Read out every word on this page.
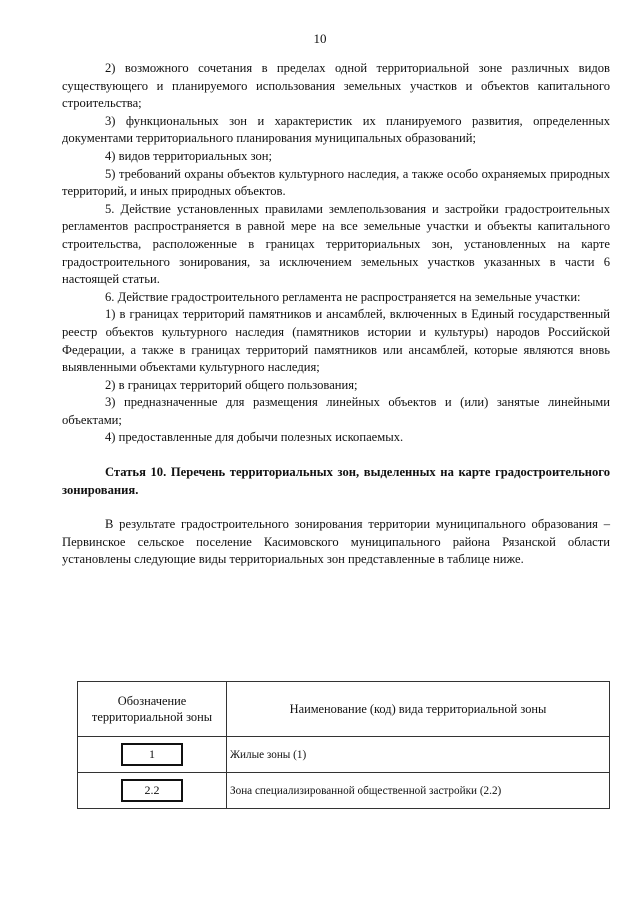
10

2) возможного сочетания в пределах одной территориальной зоне различных видов существующего и планируемого использования земельных участков и объектов капитального строительства;

3) функциональных зон и характеристик их планируемого развития, определенных документами территориального планирования муниципальных образований;

4) видов территориальных зон;

5) требований охраны объектов культурного наследия, а также особо охраняемых природных территорий, и иных природных объектов.

5. Действие установленных правилами землепользования и застройки градостроительных регламентов распространяется в равной мере на все земельные участки и объекты капитального строительства, расположенные в границах территориальных зон, установленных на карте градостроительного зонирования, за исключением земельных участков указанных в части 6 настоящей статьи.

6. Действие градостроительного регламента не распространяется на земельные участки:

1) в границах территорий памятников и ансамблей, включенных в Единый государственный реестр объектов культурного наследия (памятников истории и культуры) народов Российской Федерации, а также в границах территорий памятников или ансамблей, которые являются вновь выявленными объектами культурного наследия;

2) в границах территорий общего пользования;

3) предназначенные для размещения линейных объектов и (или) занятые линейными объектами;

4) предоставленные для добычи полезных ископаемых.

Статья 10. Перечень территориальных зон, выделенных на карте градостроительного зонирования.

В результате градостроительного зонирования территории муниципального образования – Первинское сельское поселение Касимовского муниципального района Рязанской области установлены следующие виды территориальных зон представленные в таблице ниже.

Обозначение территориальной зоны	Наименование (код) вида территориальной зоны
1	Жилые зоны (1)
2.2	Зона специализированной общественной застройки (2.2)
